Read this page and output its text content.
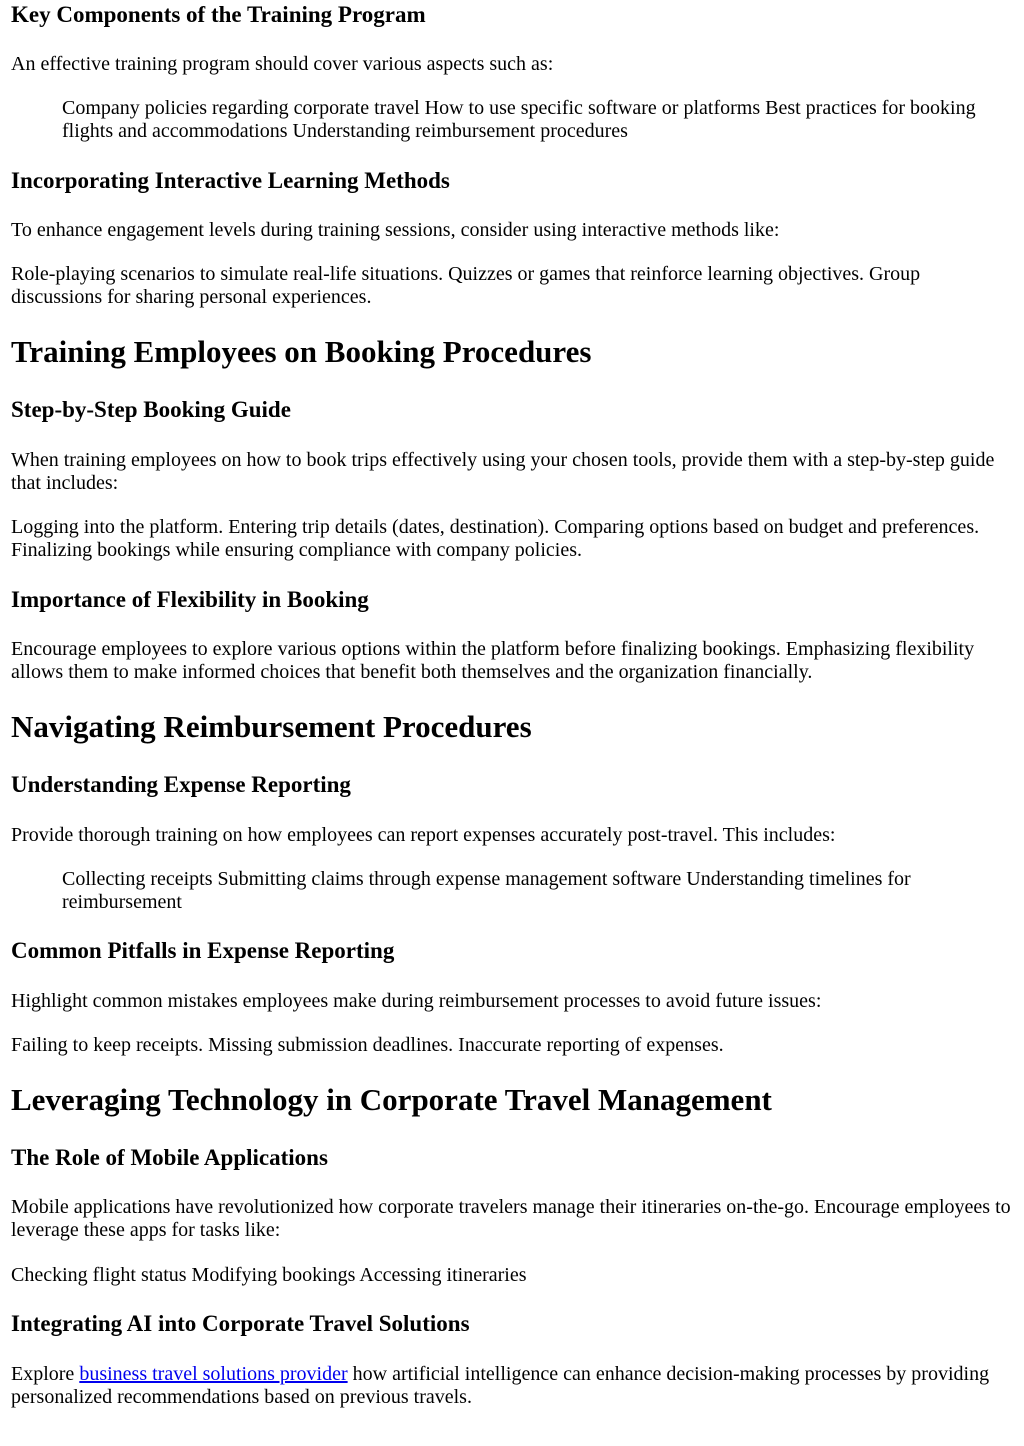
Key Components of the Training Program

An effective training program should cover various aspects such as:

Company policies regarding corporate travel How to use specific software or platforms Best practices for booking flights and accommodations Understanding reimbursement procedures

Incorporating Interactive Learning Methods

To enhance engagement levels during training sessions, consider using interactive methods like:

Role-playing scenarios to simulate real-life situations. Quizzes or games that reinforce learning objectives. Group discussions for sharing personal experiences.

Training Employees on Booking Procedures
Step-by-Step Booking Guide

When training employees on how to book trips effectively using your chosen tools, provide them with a step-by-step guide that includes:

Logging into the platform. Entering trip details (dates, destination). Comparing options based on budget and preferences. Finalizing bookings while ensuring compliance with company policies.

Importance of Flexibility in Booking

Encourage employees to explore various options within the platform before finalizing bookings. Emphasizing flexibility allows them to make informed choices that benefit both themselves and the organization financially.

Navigating Reimbursement Procedures
Understanding Expense Reporting

Provide thorough training on how employees can report expenses accurately post-travel. This includes:

Collecting receipts Submitting claims through expense management software Understanding timelines for reimbursement

Common Pitfalls in Expense Reporting

Highlight common mistakes employees make during reimbursement processes to avoid future issues:

Failing to keep receipts. Missing submission deadlines. Inaccurate reporting of expenses.

Leveraging Technology in Corporate Travel Management
The Role of Mobile Applications

Mobile applications have revolutionized how corporate travelers manage their itineraries on-the-go. Encourage employees to leverage these apps for tasks like:

Checking flight status Modifying bookings Accessing itineraries

Integrating AI into Corporate Travel Solutions

Explore business travel solutions provider how artificial intelligence can enhance decision-making processes by providing personalized recommendations based on previous travels.
